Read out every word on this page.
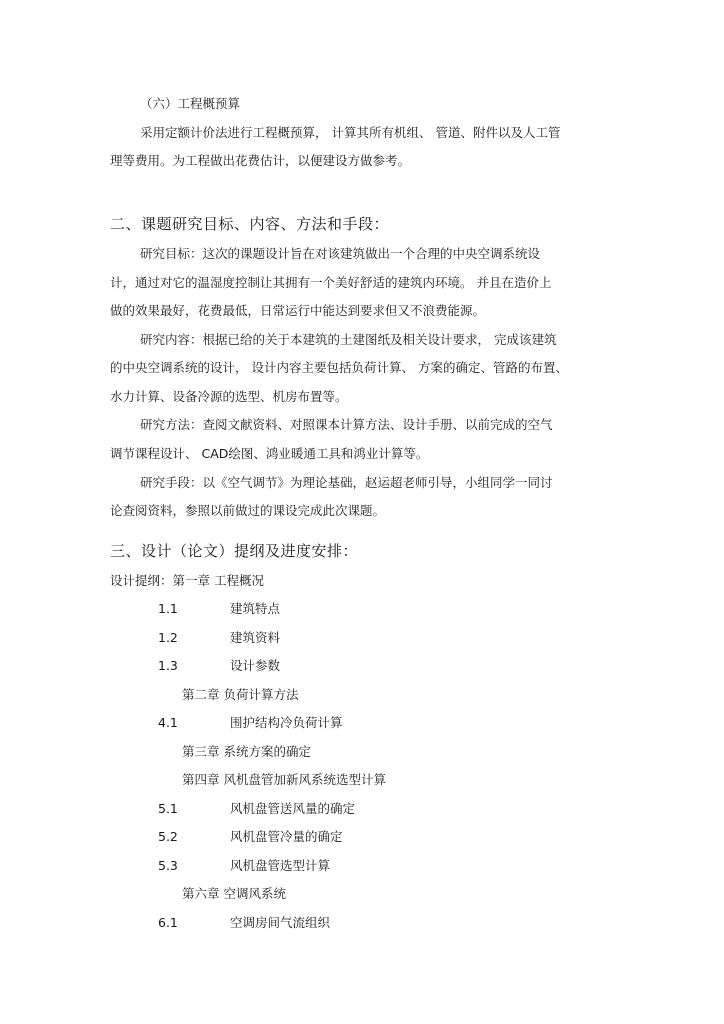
（六）工程概预算
采用定额计价法进行工程概预算， 计算其所有机组、 管道、附件以及人工管
理等费用。为工程做出花费估计，以便建设方做参考。
二、课题研究目标、内容、方法和手段：
研究目标：这次的课题设计旨在对该建筑做出一个合理的中央空调系统设
计，通过对它的温湿度控制让其拥有一个美好舒适的建筑内环境。 并且在造价上
做的效果最好，花费最低，日常运行中能达到要求但又不浪费能源。
研究内容：根据已给的关于本建筑的土建图纸及相关设计要求， 完成该建筑
的中央空调系统的设计， 设计内容主要包括负荷计算、 方案的确定、管路的布置、
水力计算、设备冷源的选型、机房布置等。
研究方法：查阅文献资料、对照课本计算方法、设计手册、以前完成的空气
调节课程设计、 CAD绘图、鸿业暖通工具和鸿业计算等。
研究手段：以《空气调节》为理论基础，赵运超老师引导，小组同学一同讨
论查阅资料，参照以前做过的课设完成此次课题。
三、设计（论文）提纲及进度安排：
设计提纲：第一章 工程概况
1.1	建筑特点
1.2	建筑资料
1.3	设计参数
第二章 负荷计算方法
4.1	围护结构冷负荷计算
第三章 系统方案的确定
第四章 风机盘管加新风系统选型计算
5.1	风机盘管送风量的确定
5.2	风机盘管冷量的确定
5.3	风机盘管选型计算
第六章 空调风系统
6.1	空调房间气流组织
